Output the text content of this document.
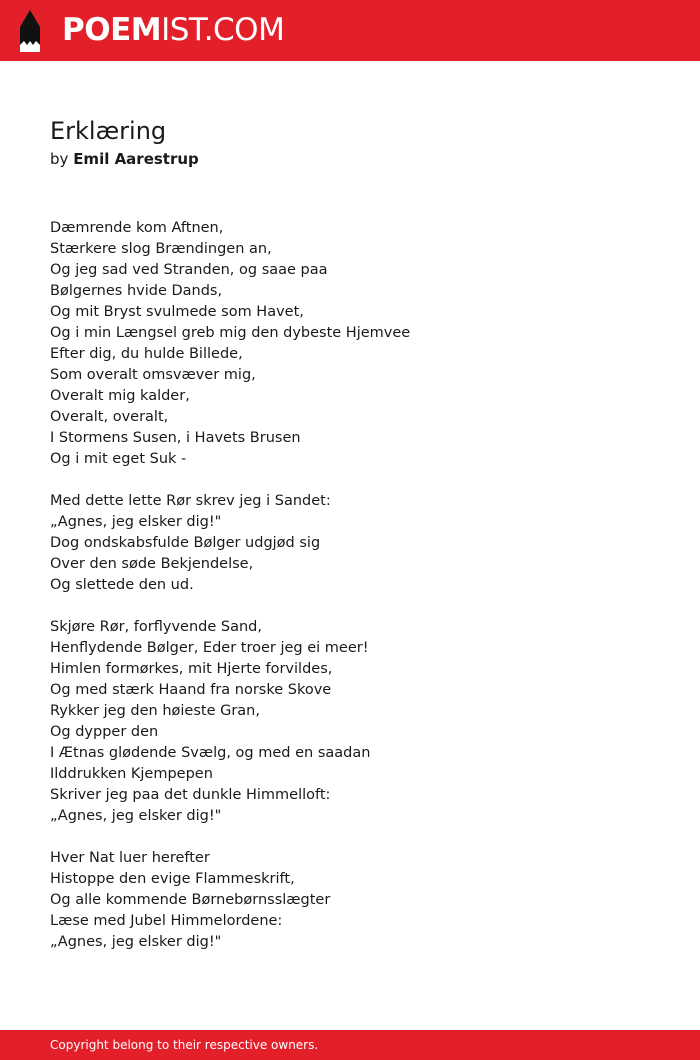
POEMIST.COM
Erklæring
by Emil Aarestrup
Dæmrende kom Aftnen,
Stærkere slog Brændingen an,
Og jeg sad ved Stranden, og saae paa
Bølgernes hvide Dands,
Og mit Bryst svulmede som Havet,
Og i min Længsel greb mig den dybeste Hjemvee
Efter dig, du hulde Billede,
Som overalt omsvæver mig,
Overalt mig kalder,
Overalt, overalt,
I Stormens Susen, i Havets Brusen
Og i mit eget Suk -
Med dette lette Rør skrev jeg i Sandet:
„Agnes, jeg elsker dig!"
Dog ondskabsfulde Bølger udgjød sig
Over den søde Bekjendelse,
Og slettede den ud.
Skjøre Rør, forflyvende Sand,
Henflydende Bølger, Eder troer jeg ei meer!
Himlen formørkes, mit Hjerte forvildes,
Og med stærk Haand fra norske Skove
Rykker jeg den høieste Gran,
Og dypper den
I Ætnas glødende Svælg, og med en saadan
Ilddrukken Kjempepen
Skriver jeg paa det dunkle Himmelloft:
„Agnes, jeg elsker dig!"
Hver Nat luer herefter
Histoppe den evige Flammeskrift,
Og alle kommende Børnebørnsslægter
Læse med Jubel Himmelordene:
„Agnes, jeg elsker dig!"
Copyright belong to their respective owners.
